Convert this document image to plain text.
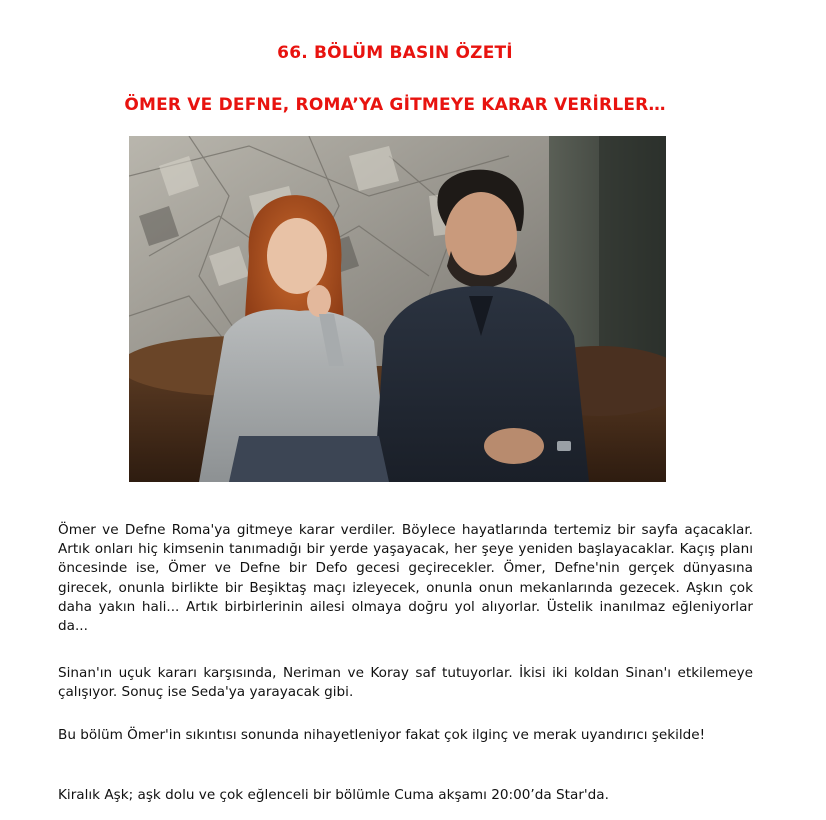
66. BÖLÜM BASIN ÖZETİ
ÖMER VE DEFNE, ROMA’YA GİTMEYE KARAR VERİRLER…

Ömer ve Defne Roma'ya gitmeye karar verdiler. Böylece hayatlarında tertemiz bir sayfa açacaklar. Artık onları hiç kimsenin tanımadığı bir yerde yaşayacak, her şeye yeniden başlayacaklar. Kaçış planı öncesinde ise, Ömer ve Defne bir Defo gecesi geçirecekler. Ömer, Defne'nin gerçek dünyasına girecek, onunla birlikte bir Beşiktaş maçı izleyecek, onunla onun mekanlarında gezecek. Aşkın çok daha yakın hali... Artık birbirlerinin ailesi olmaya doğru yol alıyorlar. Üstelik inanılmaz eğleniyorlar da...

Sinan'ın uçuk kararı karşısında, Neriman ve Koray saf tutuyorlar. İkisi iki koldan Sinan'ı etkilemeye çalışıyor. Sonuç ise Seda'ya yarayacak gibi.

Bu bölüm Ömer'in sıkıntısı sonunda nihayetleniyor fakat çok ilginç ve merak uyandırıcı şekilde!

Kiralık Aşk; aşk dolu ve çok eğlenceli bir bölümle Cuma akşamı 20:00’da Star'da.
